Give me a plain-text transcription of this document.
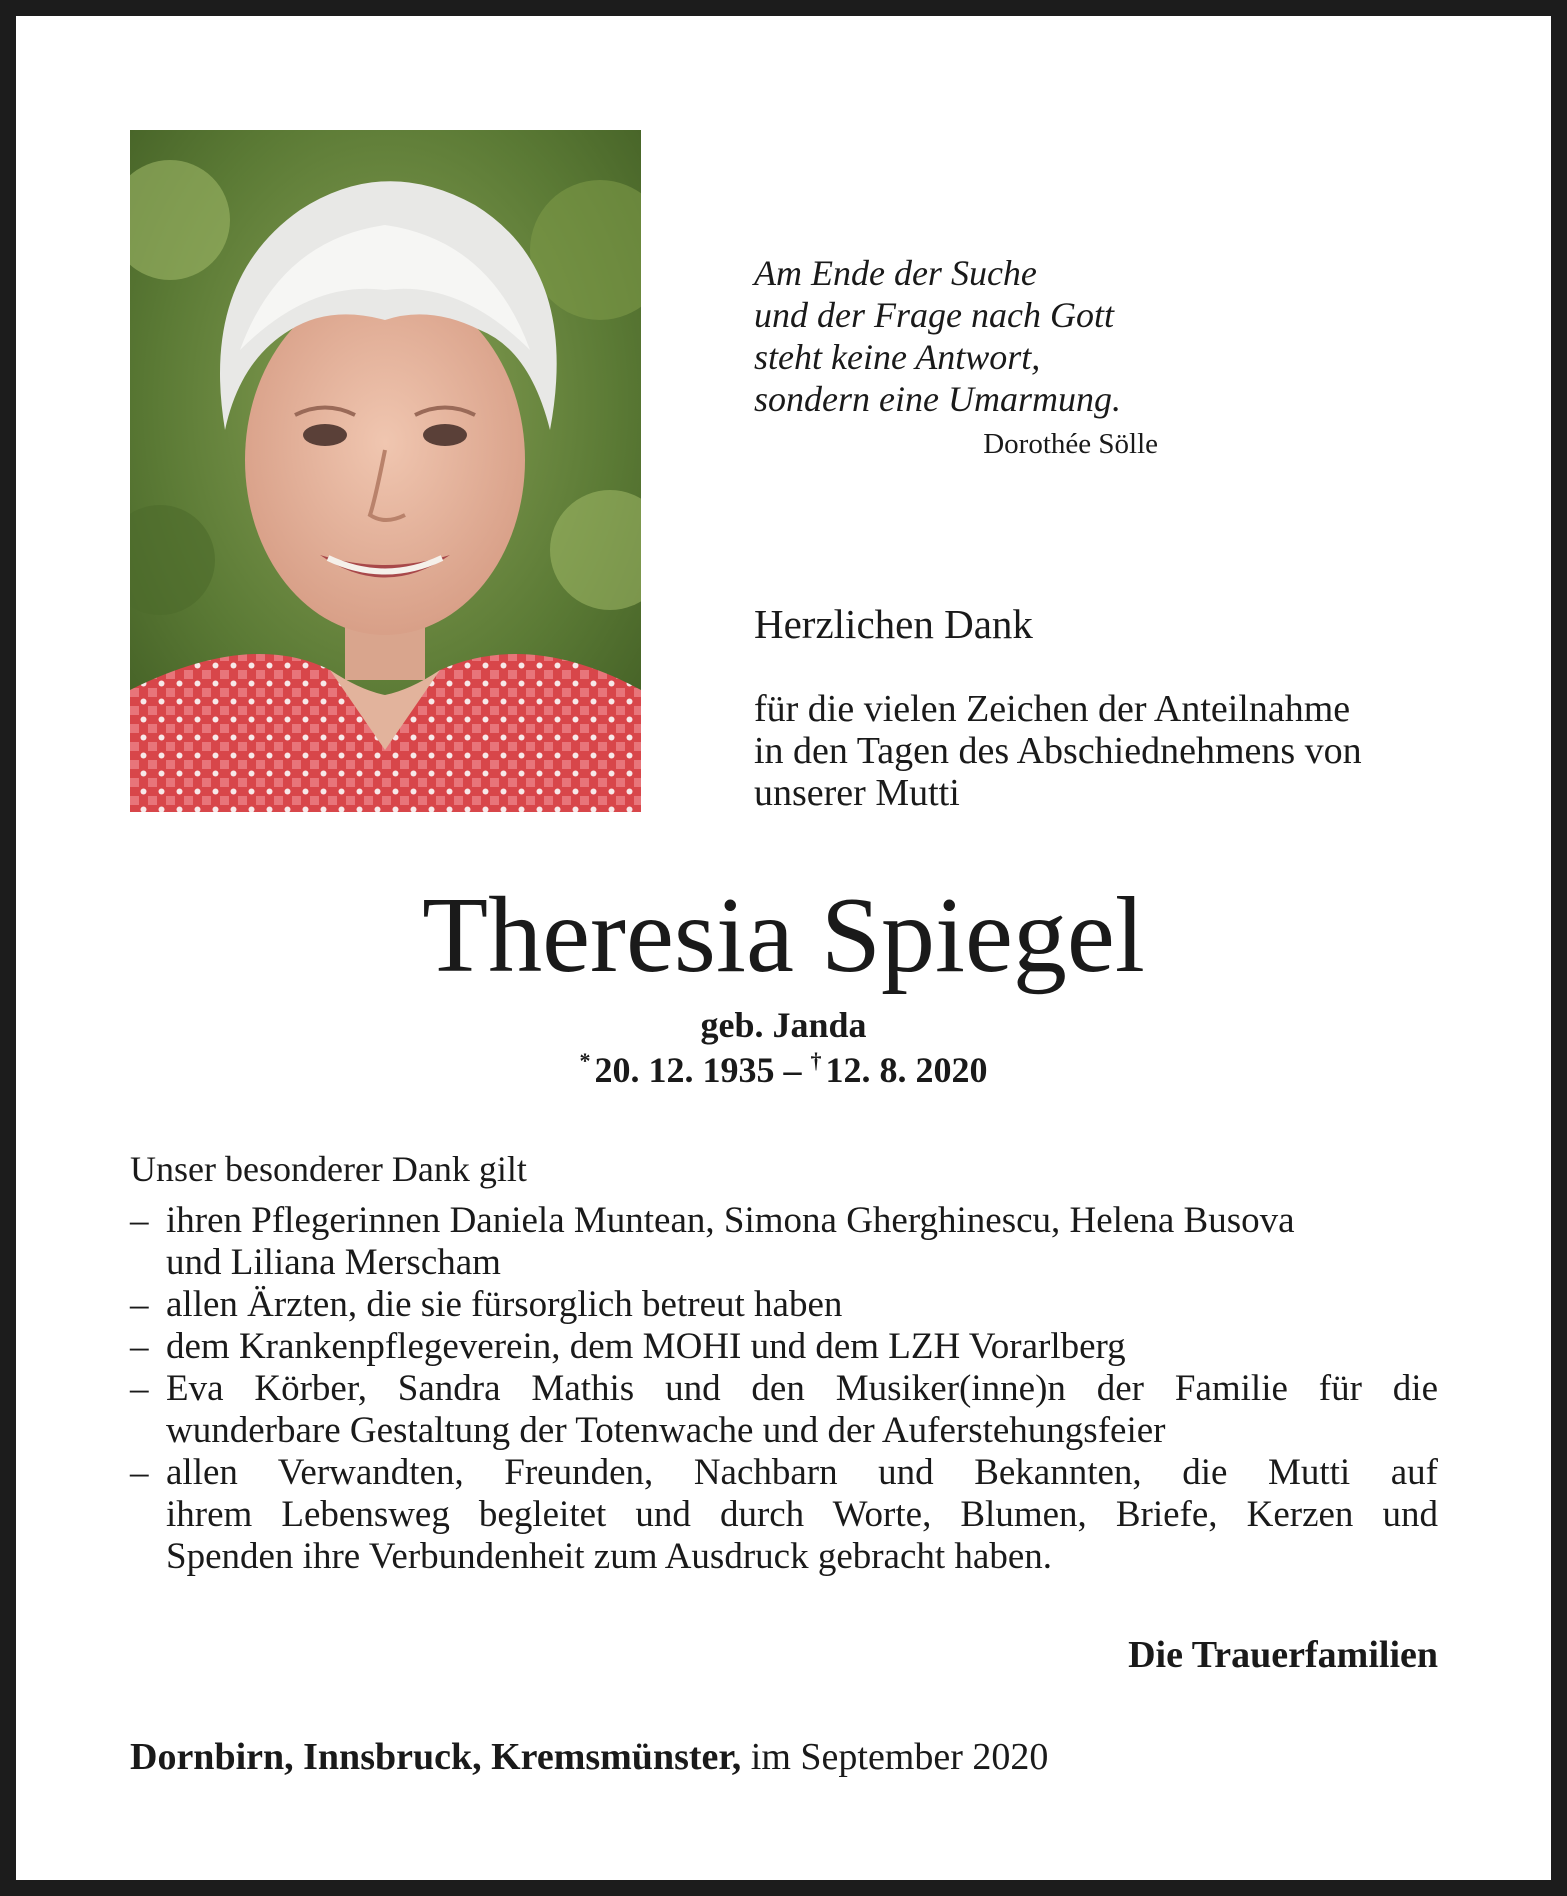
Am Ende der Suche
und der Frage nach Gott
steht keine Antwort,
sondern eine Umarmung.
Dorothée Sölle
Herzlichen Dank
für die vielen Zeichen der Anteilnahme
in den Tagen des Abschiednehmens von
unserer Mutti
Theresia Spiegel
geb. Janda
* 20. 12. 1935 – † 12. 8. 2020
Unser besonderer Dank gilt
– ihren Pflegerinnen Daniela Muntean, Simona Gherghinescu, Helena Busova
und Liliana Merscham
– allen Ärzten, die sie fürsorglich betreut haben
– dem Krankenpflegeverein, dem MOHI und dem LZH Vorarlberg
– Eva Körber, Sandra Mathis und den Musiker(inne)n der Familie für die
wunderbare Gestaltung der Totenwache und der Auferstehungsfeier
– allen Verwandten, Freunden, Nachbarn und Bekannten, die Mutti auf
ihrem Lebensweg begleitet und durch Worte, Blumen, Briefe, Kerzen und
Spenden ihre Verbundenheit zum Ausdruck gebracht haben.
Die Trauerfamilien
Dornbirn, Innsbruck, Kremsmünster, im September 2020
